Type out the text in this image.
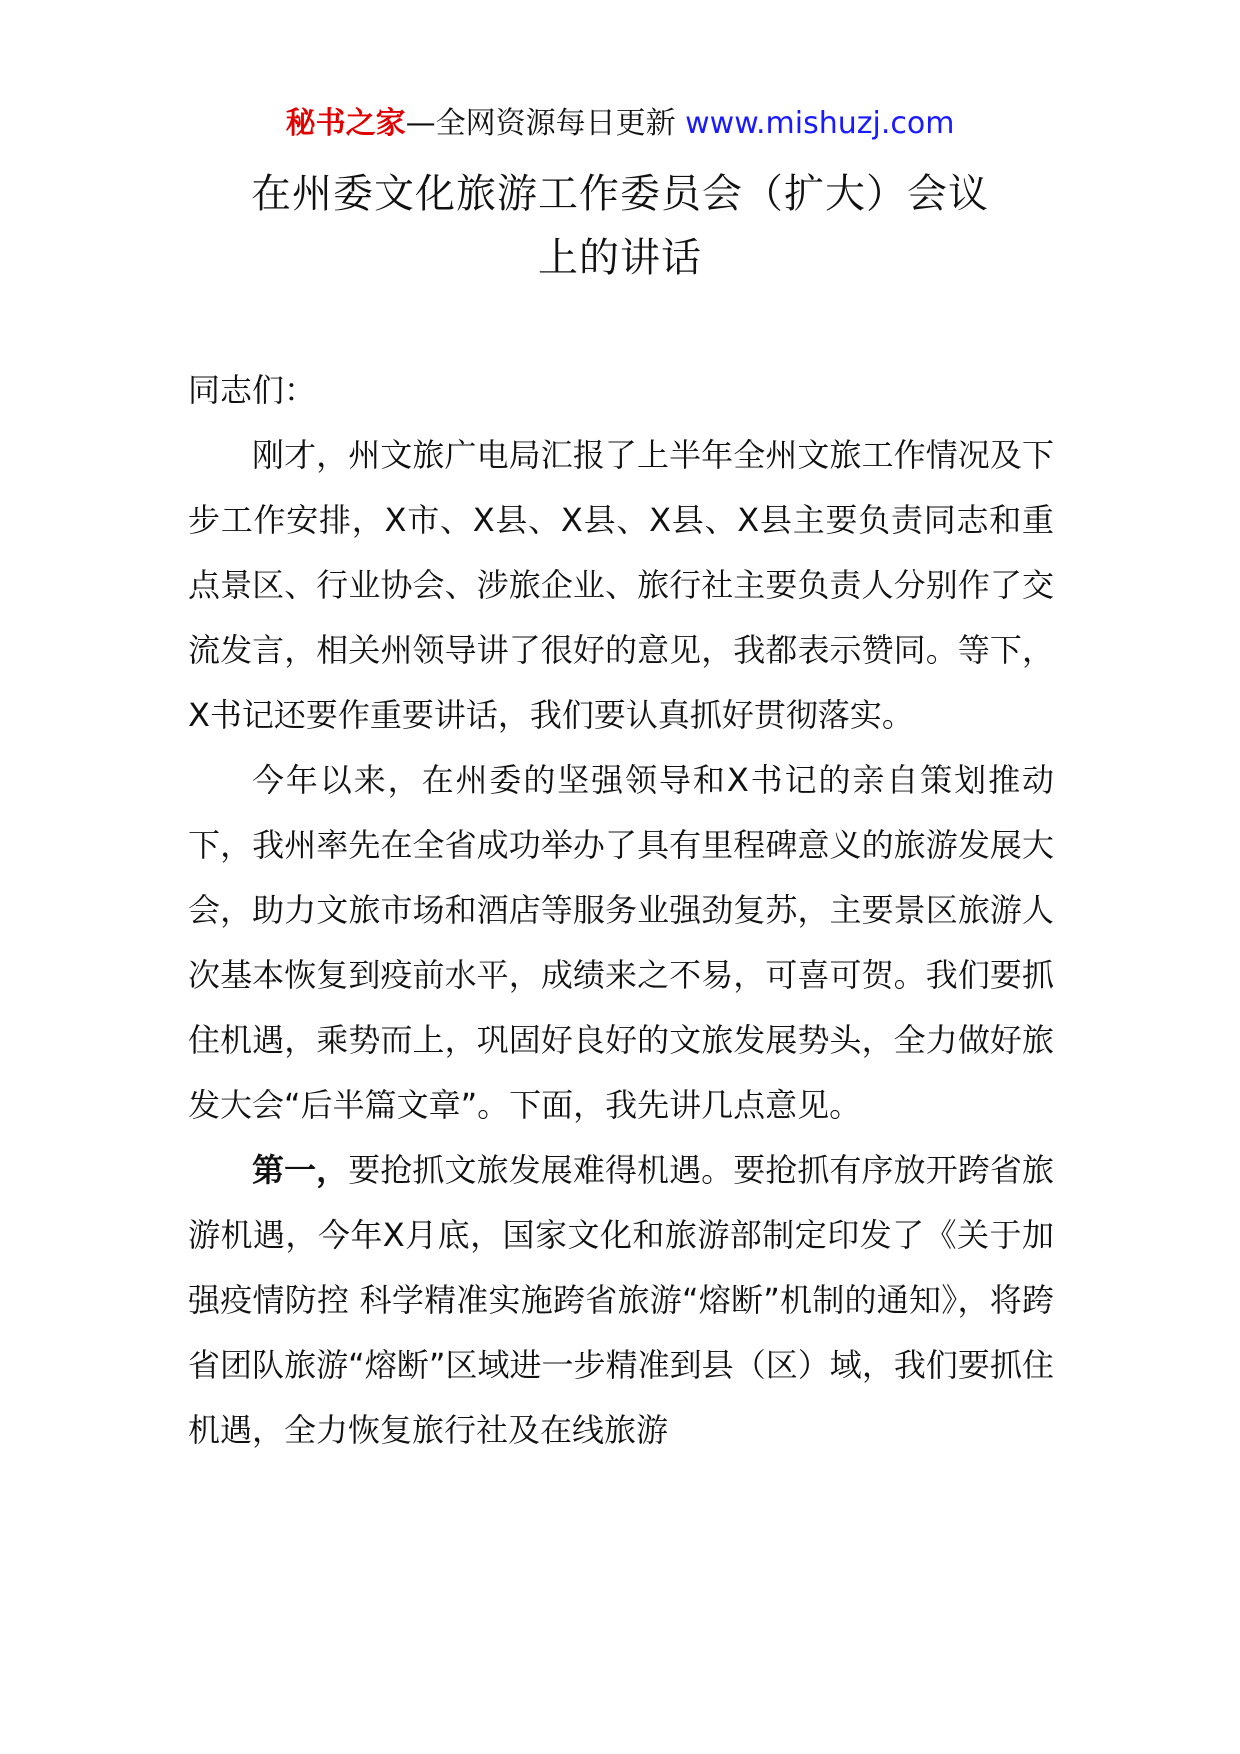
秘书之家—全网资源每日更新 www.mishuzj.com
在州委文化旅游工作委员会（扩大）会议
上的讲话

同志们：

刚才，州文旅广电局汇报了上半年全州文旅工作情况及下步工作安排，X市、X县、X县、X县、X县主要负责同志和重点景区、行业协会、涉旅企业、旅行社主要负责人分别作了交流发言，相关州领导讲了很好的意见，我都表示赞同。等下，X书记还要作重要讲话，我们要认真抓好贯彻落实。

今年以来，在州委的坚强领导和X书记的亲自策划推动下，我州率先在全省成功举办了具有里程碑意义的旅游发展大会，助力文旅市场和酒店等服务业强劲复苏，主要景区旅游人次基本恢复到疫前水平，成绩来之不易，可喜可贺。我们要抓住机遇，乘势而上，巩固好良好的文旅发展势头，全力做好旅发大会“后半篇文章”。下面，我先讲几点意见。

第一，要抢抓文旅发展难得机遇。要抢抓有序放开跨省旅游机遇，今年X月底，国家文化和旅游部制定印发了《关于加强疫情防控 科学精准实施跨省旅游“熔断”机制的通知》，将跨省团队旅游“熔断”区域进一步精准到县（区）域，我们要抓住机遇，全力恢复旅行社及在线旅游
